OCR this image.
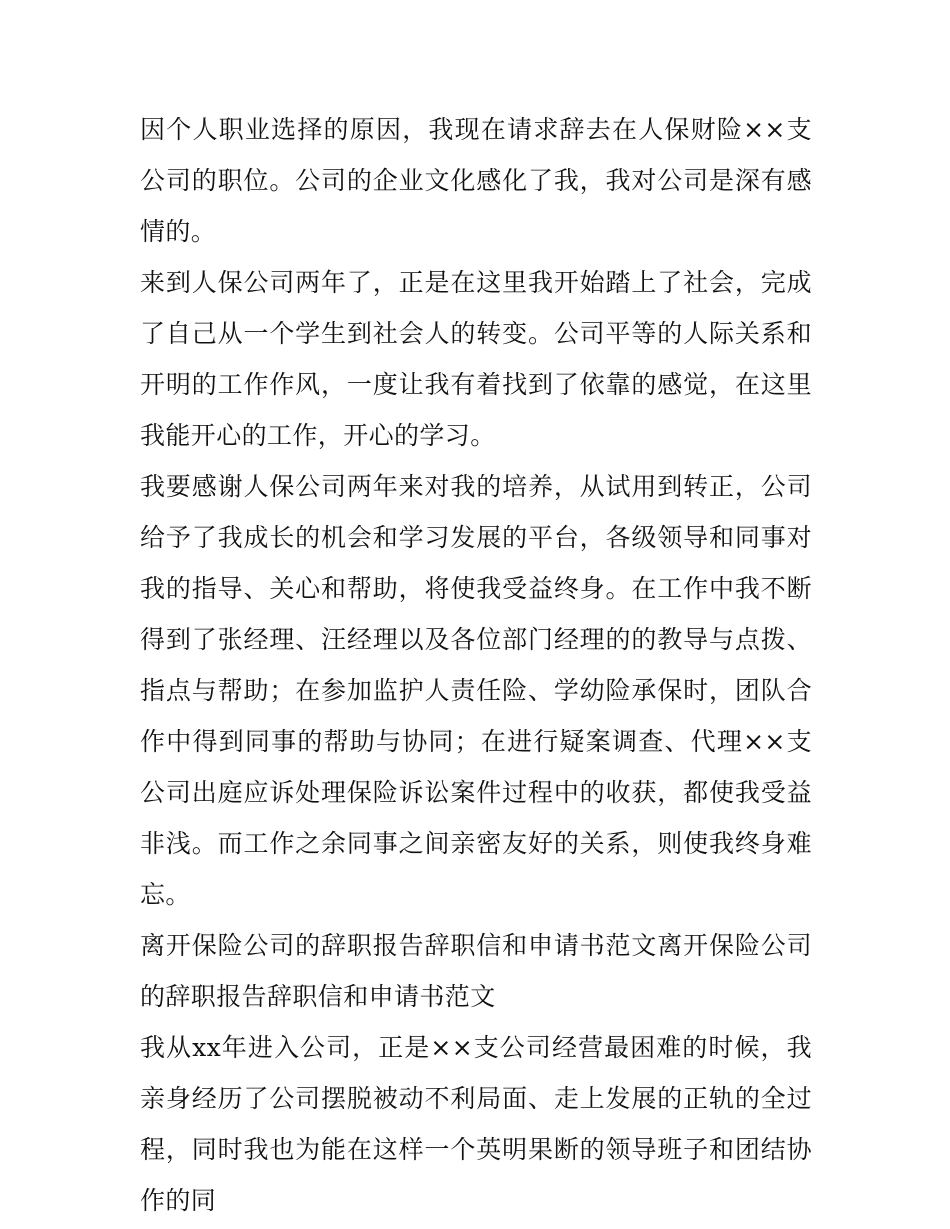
因个人职业选择的原因，我现在请求辞去在人保财险××支公司的职位。公司的企业文化感化了我，我对公司是深有感情的。

来到人保公司两年了，正是在这里我开始踏上了社会，完成了自己从一个学生到社会人的转变。公司平等的人际关系和开明的工作作风，一度让我有着找到了依靠的感觉，在这里我能开心的工作，开心的学习。

我要感谢人保公司两年来对我的培养，从试用到转正，公司给予了我成长的机会和学习发展的平台，各级领导和同事对我的指导、关心和帮助，将使我受益终身。在工作中我不断得到了张经理、汪经理以及各位部门经理的的教导与点拨、指点与帮助；在参加监护人责任险、学幼险承保时，团队合作中得到同事的帮助与协同；在进行疑案调查、代理××支公司出庭应诉处理保险诉讼案件过程中的收获，都使我受益非浅。而工作之余同事之间亲密友好的关系，则使我终身难忘。

离开保险公司的辞职报告辞职信和申请书范文离开保险公司的辞职报告辞职信和申请书范文

我从xx年进入公司，正是××支公司经营最困难的时候，我亲身经历了公司摆脱被动不利局面、走上发展的正轨的全过程，同时我也为能在这样一个英明果断的领导班子和团结协作的同
